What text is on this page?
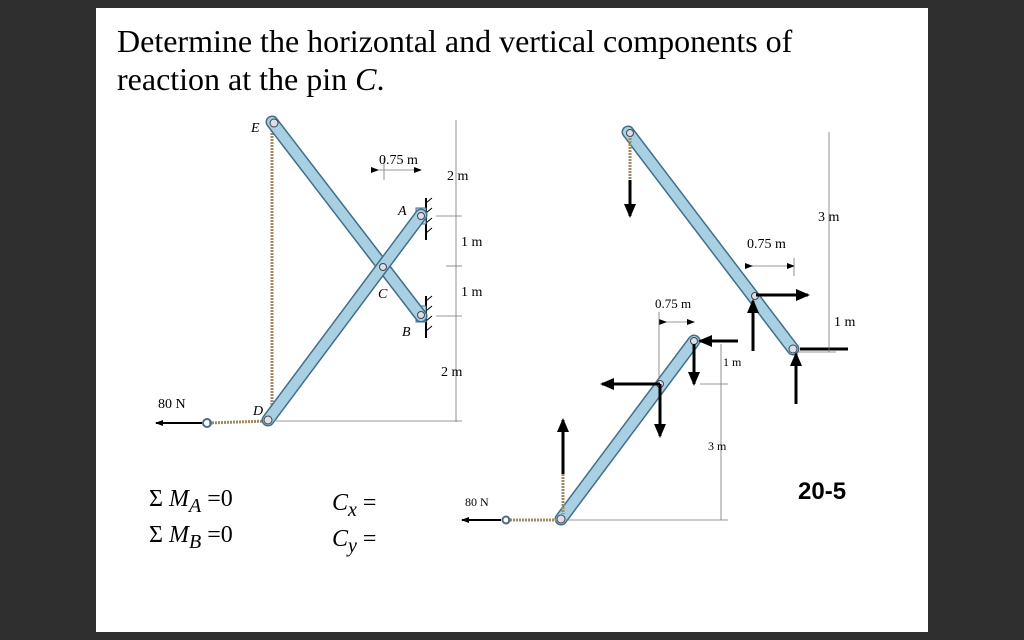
Determine the horizontal and vertical components of
reaction at the pin C.
E
A
C
B
D
0.75 m
2 m
1 m
1 m
2 m
80 N
0.75 m
3 m
1 m
0.75 m
1 m
3 m
80 N
Σ $M_A =0$
Σ $M_B =0$
$C_x$ =
$C_y$ =
20-5
